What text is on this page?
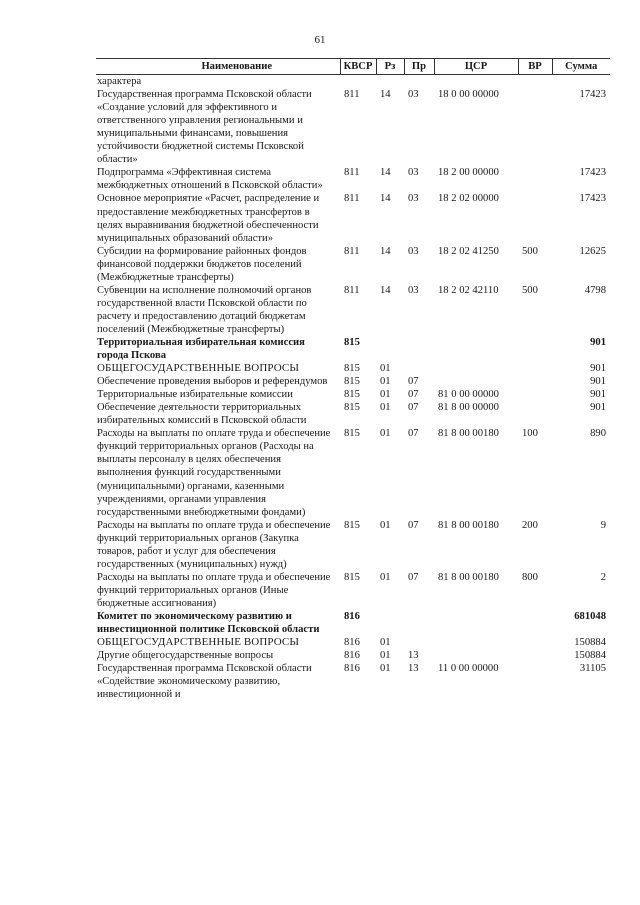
61
Наименование	КВСР	Рз	Пр	ЦСР	ВР	Сумма
характера						
Государственная программа Псковской области «Создание условий для эффективного и ответственного управления региональными и муниципальными финансами, повышения устойчивости бюджетной системы Псковской области»	811	14	03	18 0 00 00000		17423
Подпрограмма «Эффективная система межбюджетных отношений в Псковской области»	811	14	03	18 2 00 00000		17423
Основное мероприятие «Расчет, распределение и предоставление межбюджетных трансфертов в целях выравнивания бюджетной обеспеченности муниципальных образований области»	811	14	03	18 2 02 00000		17423
Субсидии на формирование районных фондов финансовой поддержки бюджетов поселений (Межбюджетные трансферты)	811	14	03	18 2 02 41250	500	12625
Субвенции на исполнение полномочий органов государственной власти Псковской области по расчету и предоставлению дотаций бюджетам поселений (Межбюджетные трансферты)	811	14	03	18 2 02 42110	500	4798
Территориальная избирательная комиссия города Пскова	815					901
ОБЩЕГОСУДАРСТВЕННЫЕ ВОПРОСЫ	815	01				901
Обеспечение проведения выборов и референдумов	815	01	07			901
Территориальные избирательные комиссии	815	01	07	81 0 00 00000		901
Обеспечение деятельности территориальных избирательных комиссий в Псковской области	815	01	07	81 8 00 00000		901
Расходы на выплаты по оплате труда и обеспечение функций территориальных органов (Расходы на выплаты персоналу в целях обеспечения выполнения функций государственными (муниципальными) органами, казенными учреждениями, органами управления государственными внебюджетными фондами)	815	01	07	81 8 00 00180	100	890
Расходы на выплаты по оплате труда и обеспечение функций территориальных органов (Закупка товаров, работ и услуг для обеспечения государственных (муниципальных) нужд)	815	01	07	81 8 00 00180	200	9
Расходы на выплаты по оплате труда и обеспечение функций территориальных органов (Иные бюджетные ассигнования)	815	01	07	81 8 00 00180	800	2
Комитет по экономическому развитию и инвестиционной политике Псковской области	816					681048
ОБЩЕГОСУДАРСТВЕННЫЕ ВОПРОСЫ	816	01				150884
Другие общегосударственные вопросы	816	01	13			150884
Государственная программа Псковской области «Содействие экономическому развитию, инвестиционной и	816	01	13	11 0 00 00000		31105
